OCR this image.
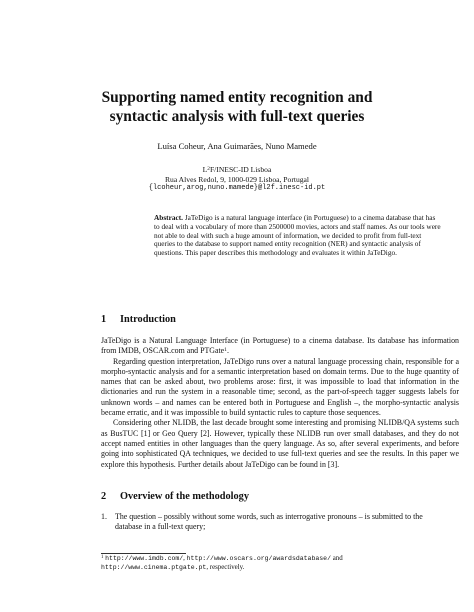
Supporting named entity recognition and
syntactic analysis with full-text queries
Luísa Coheur, Ana Guimarães, Nuno Mamede
$L^2F/INESC-ID$ Lisboa
Rua Alves Redol, 9, 1000-029 Lisboa, Portugal
{lcoheur,arog,nuno.mamede}@l2f.inesc-id.pt
Abstract. JaTeDigo is a natural language interface (in Portuguese) to a cinema database that has to deal with a vocabulary of more than 2500000 movies, actors and staff names. As our tools were not able to deal with such a huge amount of information, we decided to profit from full-text queries to the database to support named entity recognition (NER) and syntactic analysis of questions. This paper describes this methodology and evaluates it within JaTeDigo.
1 Introduction

JaTeDigo is a Natural Language Interface (in Portuguese) to a cinema database. Its database has information from IMDB, OSCAR.com and PTGate$^1$.

Regarding question interpretation, JaTeDigo runs over a natural language processing chain, responsible for a morpho-syntactic analysis and for a semantic interpretation based on domain terms. Due to the huge quantity of names that can be asked about, two problems arose: first, it was impossible to load that information in the dictionaries and run the system in a reasonable time; second, as the part-of-speech tagger suggests labels for unknown words – and names can be entered both in Portuguese and English –, the morpho-syntactic analysis became erratic, and it was impossible to build syntactic rules to capture those sequences.

Considering other NLIDB, the last decade brought some interesting and promising NLIDB/QA systems such as BusTUC [1] or Geo Query [2]. However, typically these NLIDB run over small databases, and they do not accept named entities in other languages than the query language. As so, after several experiments, and before going into sophisticated QA techniques, we decided to use full-text queries and see the results. In this paper we explore this hypothesis. Further details about JaTeDigo can be found in [3].

2 Overview of the methodology
1.	The question – possibly without some words, such as interrogative pronouns – is submitted to the database in a full-text query;
$^1$ http://www.imdb.com/, http://www.oscars.org/awardsdatabase/ and http://www.cinema.ptgate.pt, respectively.
